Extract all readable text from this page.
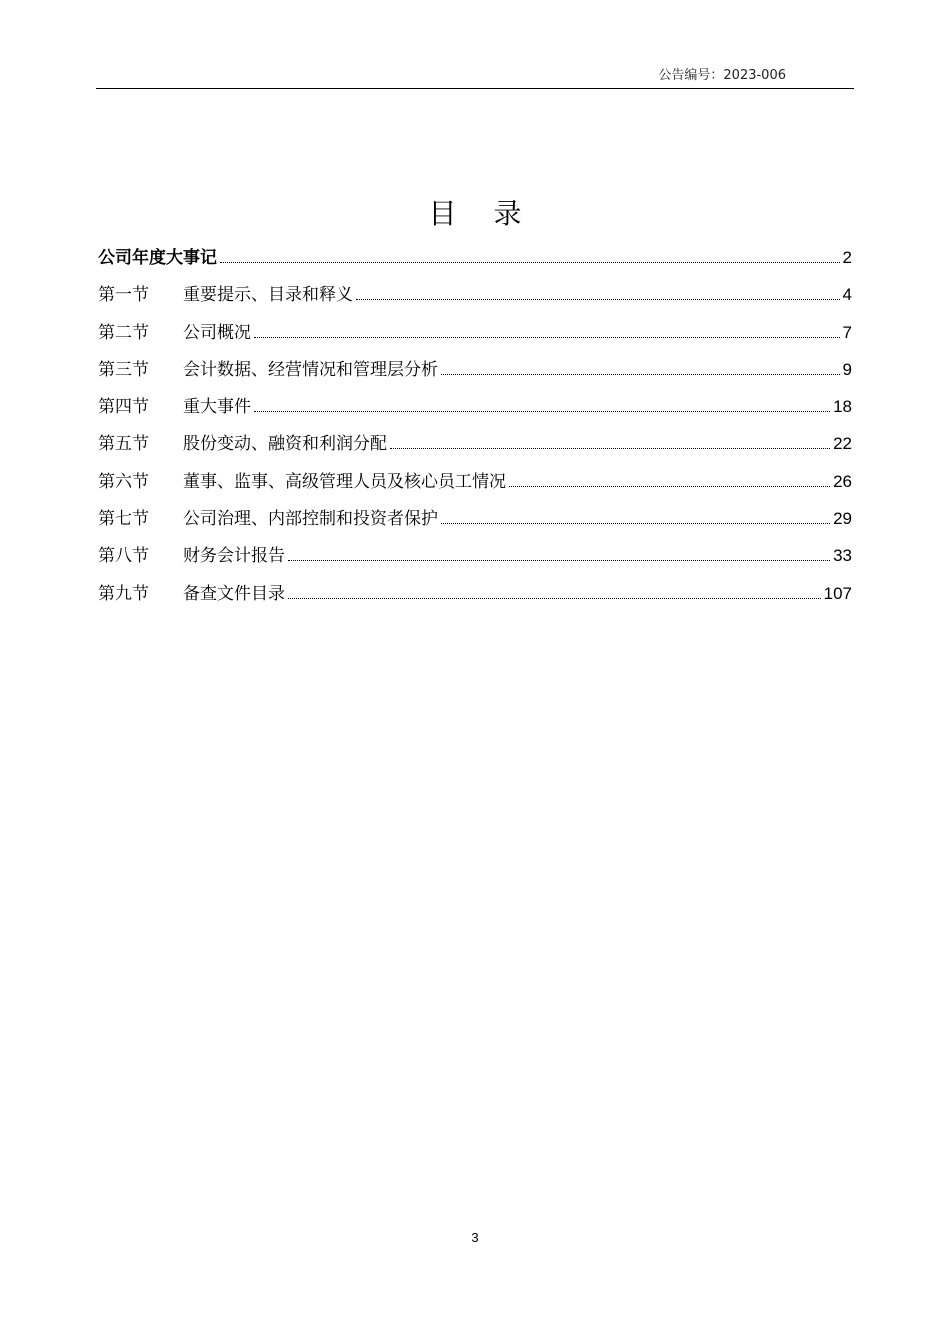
公告编号：2023-006
目 录
公司年度大事记	2
第一节	重要提示、目录和释义	4
第二节	公司概况	7
第三节	会计数据、经营情况和管理层分析	9
第四节	重大事件	18
第五节	股份变动、融资和利润分配	22
第六节	董事、监事、高级管理人员及核心员工情况	26
第七节	公司治理、内部控制和投资者保护	29
第八节	财务会计报告	33
第九节	备查文件目录	107
3
